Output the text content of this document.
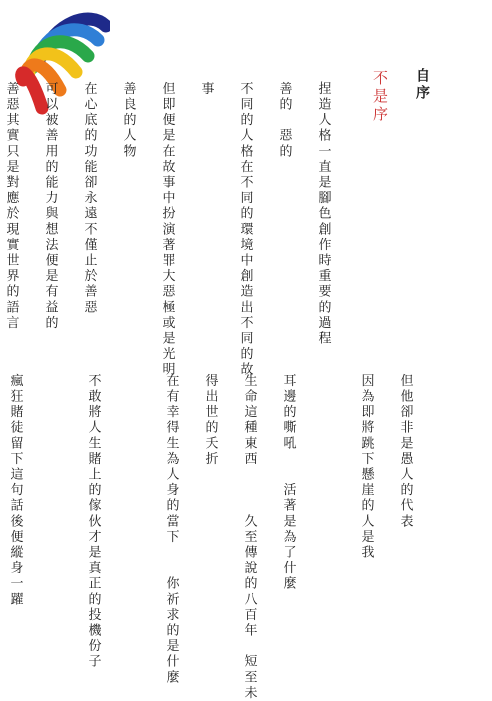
自序
不是序

捏造人格一直是腳色創作時重要的過程

善的　惡的

不同的人格在不同的環境中創造出不同的故

事

但即便是在故事中扮演著罪大惡極或是光明

善良的人物

在心底的功能卻永遠不僅止於善惡

可以被善用的能力與想法便是有益的

善惡其實只是對應於現實世界的語言

但他卻非是愚人的代表

因為即將跳下懸崖的人是我

耳邊的嘶吼　　活著是為了什麼

生命這種東西　　　久至傳說的八百年　短至未

得出世的夭折

在有幸得生為人身的當下　　你祈求的是什麼

不敢將人生賭上的傢伙才是真正的投機份子

瘋狂賭徒留下這句話後便縱身一躍
